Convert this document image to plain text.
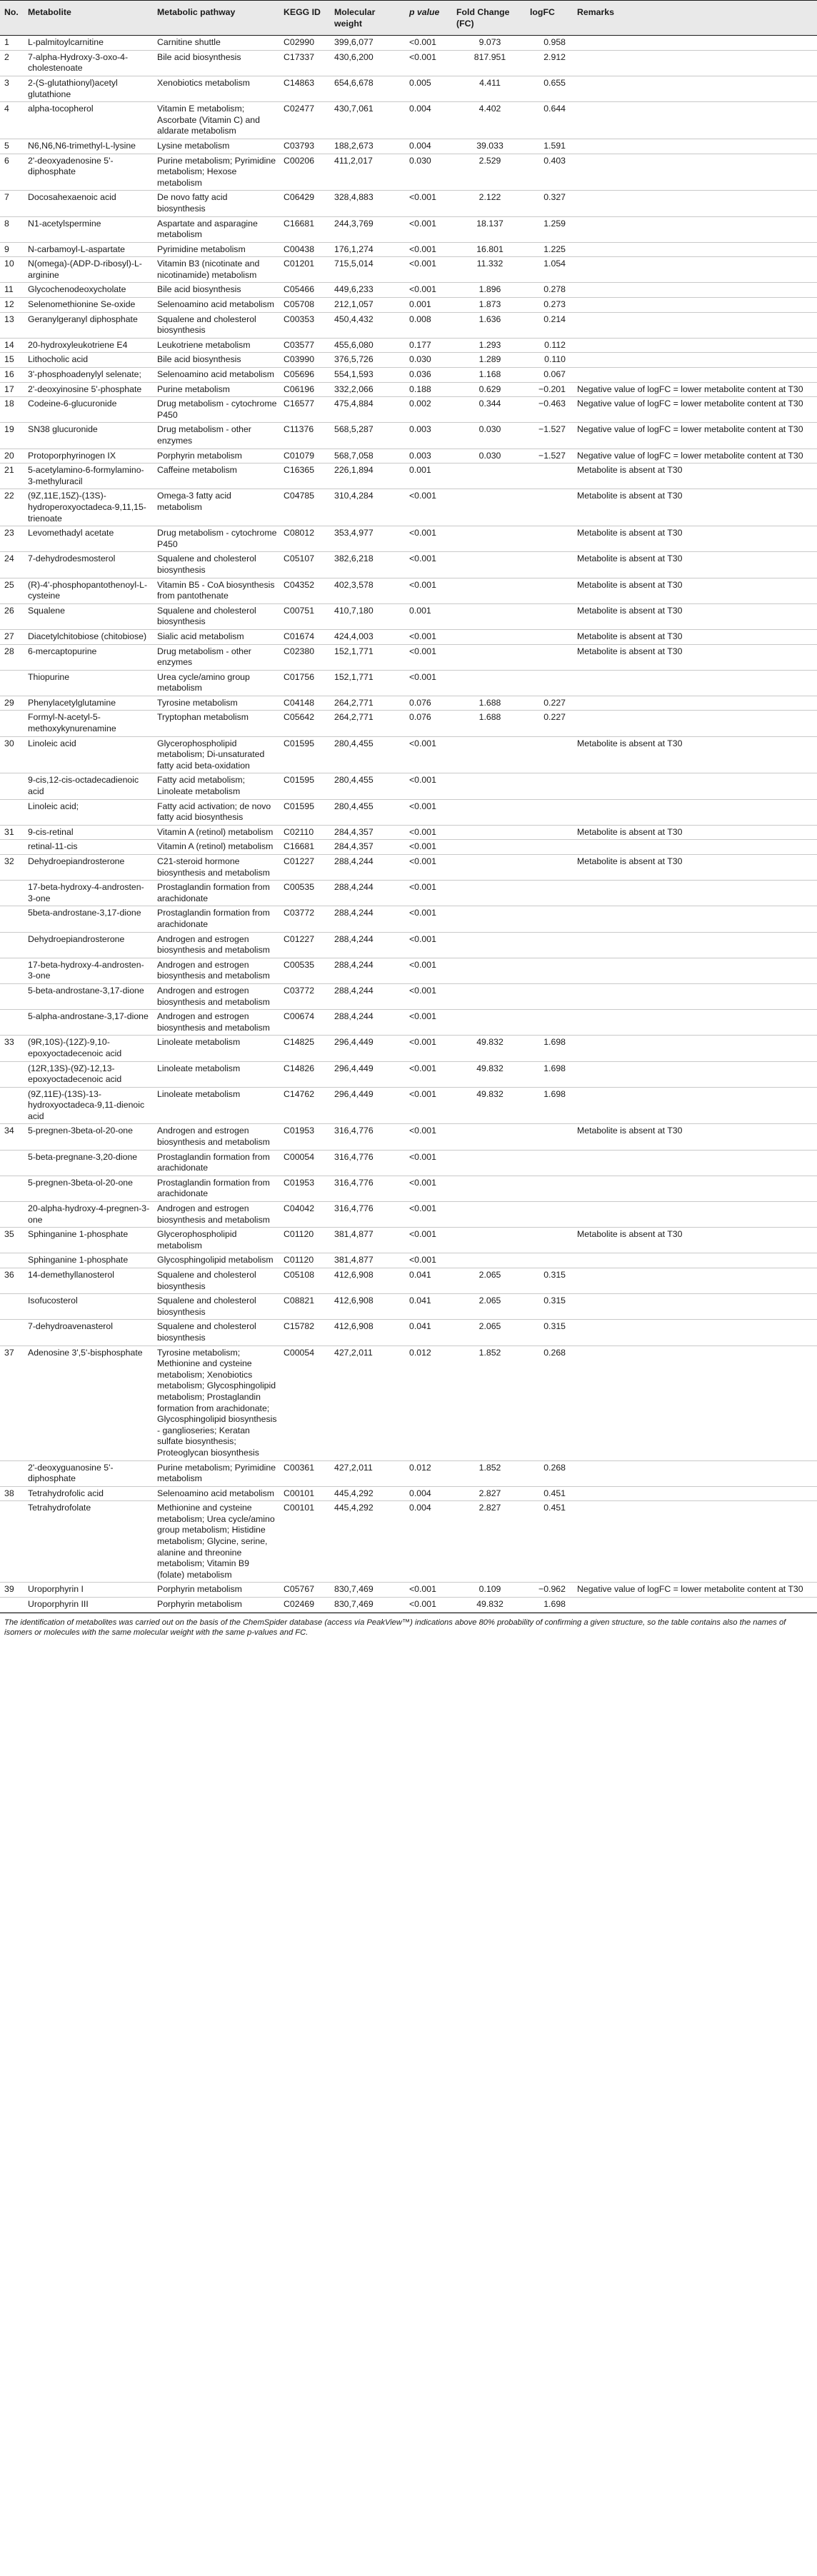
No.	Metabolite	Metabolic pathway	KEGG ID	Molecular weight	p value	Fold Change (FC)	logFC	Remarks
1	L-palmitoylcarnitine	Carnitine shuttle	C02990	399,6,077	<0.001	9.073	0.958	
2	7-alpha-Hydroxy-3-oxo-4-cholestenoate	Bile acid biosynthesis	C17337	430,6,200	<0.001	817.951	2.912	
3	2-(S-glutathionyl)acetyl glutathione	Xenobiotics metabolism	C14863	654,6,678	0.005	4.411	0.655	
4	alpha-tocopherol	Vitamin E metabolism; Ascorbate (Vitamin C) and aldarate metabolism	C02477	430,7,061	0.004	4.402	0.644	
5	N6,N6,N6-trimethyl-L-lysine	Lysine metabolism	C03793	188,2,673	0.004	39.033	1.591	
6	2'-deoxyadenosine 5'-diphosphate	Purine metabolism; Pyrimidine metabolism; Hexose metabolism	C00206	411,2,017	0.030	2.529	0.403	
7	Docosahexaenoic acid	De novo fatty acid biosynthesis	C06429	328,4,883	<0.001	2.122	0.327	
8	N1-acetylspermine	Aspartate and asparagine metabolism	C16681	244,3,769	<0.001	18.137	1.259	
9	N-carbamoyl-L-aspartate	Pyrimidine metabolism	C00438	176,1,274	<0.001	16.801	1.225	
10	N(omega)-(ADP-D-ribosyl)-L-arginine	Vitamin B3 (nicotinate and nicotinamide) metabolism	C01201	715,5,014	<0.001	11.332	1.054	
11	Glycochenodeoxycholate	Bile acid biosynthesis	C05466	449,6,233	<0.001	1.896	0.278	
12	Selenomethionine Se-oxide	Selenoamino acid metabolism	C05708	212,1,057	0.001	1.873	0.273	
13	Geranylgeranyl diphosphate	Squalene and cholesterol biosynthesis	C00353	450,4,432	0.008	1.636	0.214	
14	20-hydroxyleukotriene E4	Leukotriene metabolism	C03577	455,6,080	0.177	1.293	0.112	
15	Lithocholic acid	Bile acid biosynthesis	C03990	376,5,726	0.030	1.289	0.110	
16	3'-phosphoadenylyl selenate;	Selenoamino acid metabolism	C05696	554,1,593	0.036	1.168	0.067	
17	2'-deoxyinosine 5'-phosphate	Purine metabolism	C06196	332,2,066	0.188	0.629	−0.201	Negative value of logFC = lower metabolite content at T30
18	Codeine-6-glucuronide	Drug metabolism - cytochrome P450	C16577	475,4,884	0.002	0.344	−0.463	Negative value of logFC = lower metabolite content at T30
19	SN38 glucuronide	Drug metabolism - other enzymes	C11376	568,5,287	0.003	0.030	−1.527	Negative value of logFC = lower metabolite content at T30
20	Protoporphyrinogen IX	Porphyrin metabolism	C01079	568,7,058	0.003	0.030	−1.527	Negative value of logFC = lower metabolite content at T30
21	5-acetylamino-6-formylamino-3-methyluracil	Caffeine metabolism	C16365	226,1,894	0.001			Metabolite is absent at T30
22	(9Z,11E,15Z)-(13S)-hydroperoxyoctadeca-9,11,15-trienoate	Omega-3 fatty acid metabolism	C04785	310,4,284	<0.001			Metabolite is absent at T30
23	Levomethadyl acetate	Drug metabolism - cytochrome P450	C08012	353,4,977	<0.001			Metabolite is absent at T30
24	7-dehydrodesmosterol	Squalene and cholesterol biosynthesis	C05107	382,6,218	<0.001			Metabolite is absent at T30
25	(R)-4'-phosphopantothenoyl-L-cysteine	Vitamin B5 - CoA biosynthesis from pantothenate	C04352	402,3,578	<0.001			Metabolite is absent at T30
26	Squalene	Squalene and cholesterol biosynthesis	C00751	410,7,180	0.001			Metabolite is absent at T30
27	Diacetylchitobiose (chitobiose)	Sialic acid metabolism	C01674	424,4,003	<0.001			Metabolite is absent at T30
28	6-mercaptopurine	Drug metabolism - other enzymes	C02380	152,1,771	<0.001			Metabolite is absent at T30
	Thiopurine	Urea cycle/amino group metabolism	C01756	152,1,771	<0.001			
29	Phenylacetylglutamine	Tyrosine metabolism	C04148	264,2,771	0.076	1.688	0.227	
	Formyl-N-acetyl-5-methoxykynurenamine	Tryptophan metabolism	C05642	264,2,771	0.076	1.688	0.227	
30	Linoleic acid	Glycerophospholipid metabolism; Di-unsaturated fatty acid beta-oxidation	C01595	280,4,455	<0.001			Metabolite is absent at T30
	9-cis,12-cis-octadecadienoic acid	Fatty acid metabolism; Linoleate metabolism	C01595	280,4,455	<0.001			
	Linoleic acid;	Fatty acid activation; de novo fatty acid biosynthesis	C01595	280,4,455	<0.001			
31	9-cis-retinal	Vitamin A (retinol) metabolism	C02110	284,4,357	<0.001			Metabolite is absent at T30
	retinal-11-cis	Vitamin A (retinol) metabolism	C16681	284,4,357	<0.001			
32	Dehydroepiandrosterone	C21-steroid hormone biosynthesis and metabolism	C01227	288,4,244	<0.001			Metabolite is absent at T30
	17-beta-hydroxy-4-androsten-3-one	Prostaglandin formation from arachidonate	C00535	288,4,244	<0.001			
	5beta-androstane-3,17-dione	Prostaglandin formation from arachidonate	C03772	288,4,244	<0.001			
	Dehydroepiandrosterone	Androgen and estrogen biosynthesis and metabolism	C01227	288,4,244	<0.001			
	17-beta-hydroxy-4-androsten-3-one	Androgen and estrogen biosynthesis and metabolism	C00535	288,4,244	<0.001			
	5-beta-androstane-3,17-dione	Androgen and estrogen biosynthesis and metabolism	C03772	288,4,244	<0.001			
	5-alpha-androstane-3,17-dione	Androgen and estrogen biosynthesis and metabolism	C00674	288,4,244	<0.001			
33	(9R,10S)-(12Z)-9,10-epoxyoctadecenoic acid	Linoleate metabolism	C14825	296,4,449	<0.001	49.832	1.698	
	(12R,13S)-(9Z)-12,13-epoxyoctadecenoic acid	Linoleate metabolism	C14826	296,4,449	<0.001	49.832	1.698	
	(9Z,11E)-(13S)-13-hydroxyoctadeca-9,11-dienoic acid	Linoleate metabolism	C14762	296,4,449	<0.001	49.832	1.698	
34	5-pregnen-3beta-ol-20-one	Androgen and estrogen biosynthesis and metabolism	C01953	316,4,776	<0.001			Metabolite is absent at T30
	5-beta-pregnane-3,20-dione	Prostaglandin formation from arachidonate	C00054	316,4,776	<0.001			
	5-pregnen-3beta-ol-20-one	Prostaglandin formation from arachidonate	C01953	316,4,776	<0.001			
	20-alpha-hydroxy-4-pregnen-3-one	Androgen and estrogen biosynthesis and metabolism	C04042	316,4,776	<0.001			
35	Sphinganine 1-phosphate	Glycerophospholipid metabolism	C01120	381,4,877	<0.001			Metabolite is absent at T30
	Sphinganine 1-phosphate	Glycosphingolipid metabolism	C01120	381,4,877	<0.001			
36	14-demethyllanosterol	Squalene and cholesterol biosynthesis	C05108	412,6,908	0.041	2.065	0.315	
	Isofucosterol	Squalene and cholesterol biosynthesis	C08821	412,6,908	0.041	2.065	0.315	
	7-dehydroavenasterol	Squalene and cholesterol biosynthesis	C15782	412,6,908	0.041	2.065	0.315	
37	Adenosine 3',5'-bisphosphate	Tyrosine metabolism; Methionine and cysteine metabolism; Xenobiotics metabolism; Glycosphingolipid metabolism; Prostaglandin formation from arachidonate; Glycosphingolipid biosynthesis - ganglioseries; Keratan sulfate biosynthesis; Proteoglycan biosynthesis	C00054	427,2,011	0.012	1.852	0.268	
	2'-deoxyguanosine 5'-diphosphate	Purine metabolism; Pyrimidine metabolism	C00361	427,2,011	0.012	1.852	0.268	
38	Tetrahydrofolic acid	Selenoamino acid metabolism	C00101	445,4,292	0.004	2.827	0.451	
	Tetrahydrofolate	Methionine and cysteine metabolism; Urea cycle/amino group metabolism; Histidine metabolism; Glycine, serine, alanine and threonine metabolism; Vitamin B9 (folate) metabolism	C00101	445,4,292	0.004	2.827	0.451	
39	Uroporphyrin I	Porphyrin metabolism	C05767	830,7,469	<0.001	0.109	−0.962	Negative value of logFC = lower metabolite content at T30
	Uroporphyrin III	Porphyrin metabolism	C02469	830,7,469	<0.001	49.832	1.698	
The identification of metabolites was carried out on the basis of the ChemSpider database (access via PeakView™) indications above 80% probability of confirming a given structure, so the table contains also the names of isomers or molecules with the same molecular weight with the same p-values and FC.
